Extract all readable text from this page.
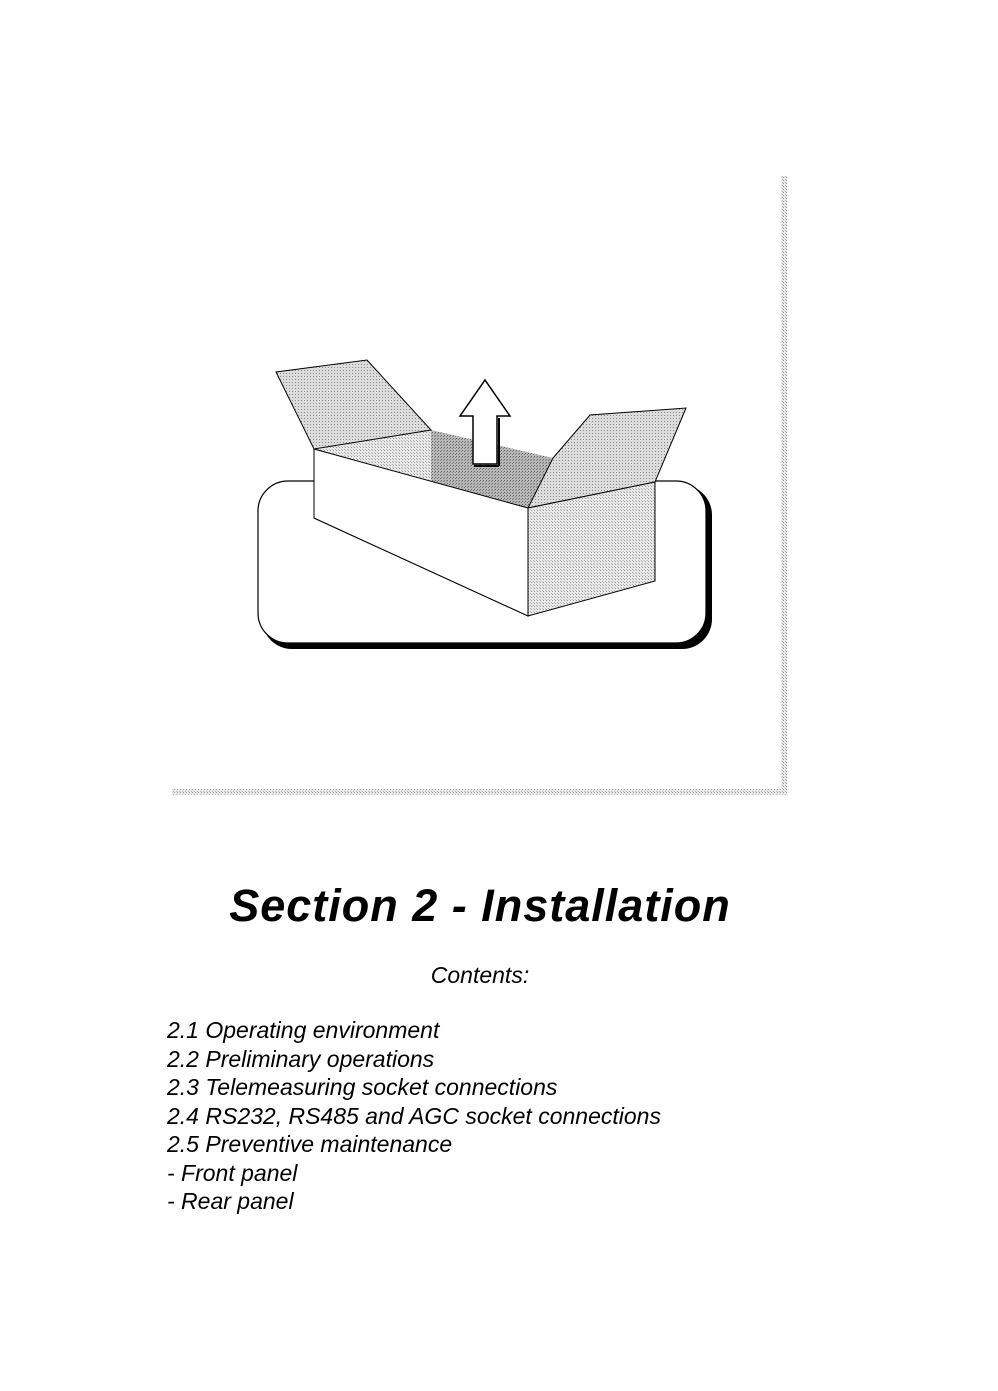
Section 2 - Installation
Contents:
2.1 Operating environment
2.2 Preliminary operations
2.3 Telemeasuring socket connections
2.4 RS232, RS485 and AGC socket connections
2.5 Preventive maintenance
- Front panel
- Rear panel
